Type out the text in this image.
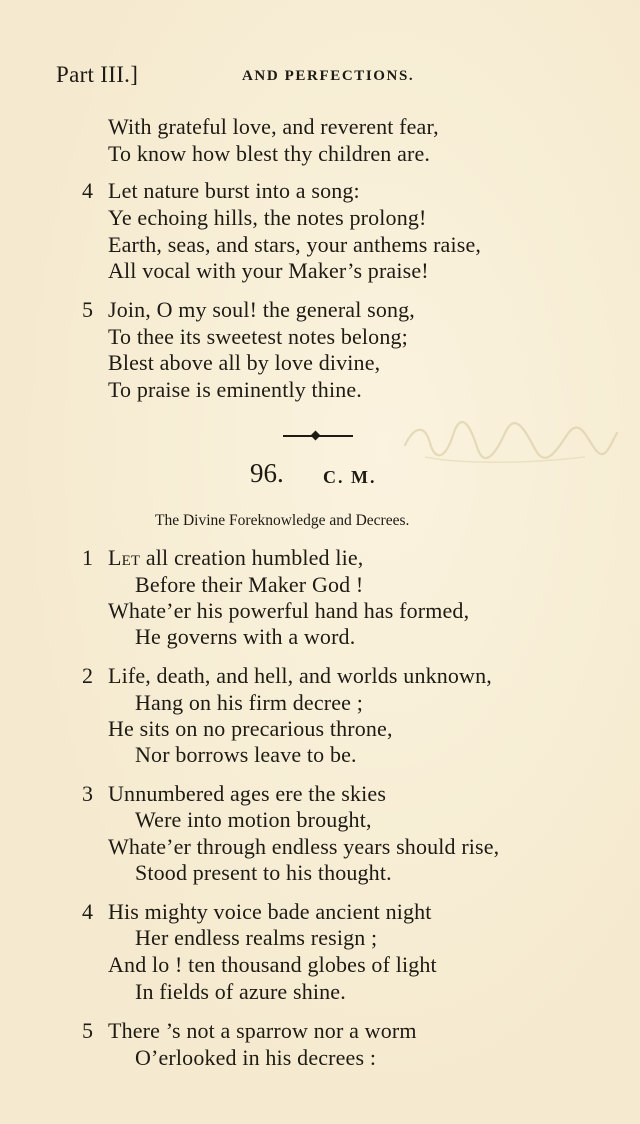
Part III.]	AND PERFECTIONS.
With grateful love, and reverent fear,
To know how blest thy children are.
4 Let nature burst into a song:
Ye echoing hills, the notes prolong!
Earth, seas, and stars, your anthems raise,
All vocal with your Maker’s praise!
5 Join, O my soul! the general song,
To thee its sweetest notes belong;
Blest above all by love divine,
To praise is eminently thine.
96. C. M.
The Divine Foreknowledge and Decrees.
1 Let all creation humbled lie,
Before their Maker God !
Whate’er his powerful hand has formed,
He governs with a word.
2 Life, death, and hell, and worlds unknown,
Hang on his firm decree ;
He sits on no precarious throne,
Nor borrows leave to be.
3 Unnumbered ages ere the skies
Were into motion brought,
Whate’er through endless years should rise,
Stood present to his thought.
4 His mighty voice bade ancient night
Her endless realms resign ;
And lo ! ten thousand globes of light
In fields of azure shine.
5 There ’s not a sparrow nor a worm
O’erlooked in his decrees :
